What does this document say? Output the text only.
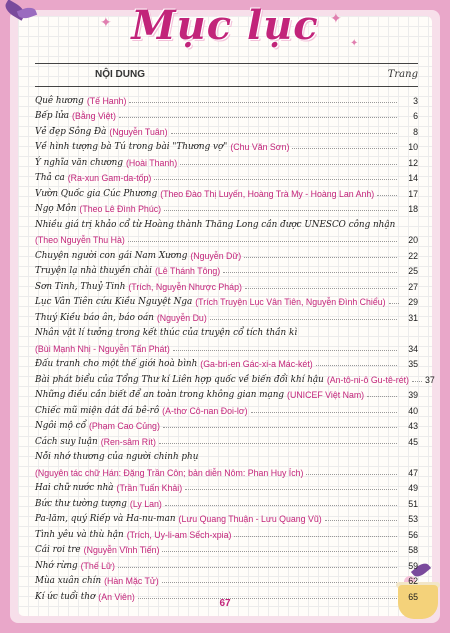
✦	✦
✦
Mục lục
NỘI DUNG	Trang
Quê hương (Tế Hanh)	3
Bếp lửa (Bằng Việt)	6
Vẻ đẹp Sông Đà (Nguyễn Tuân)	8
Về hình tượng bà Tú trong bài "Thương vợ" (Chu Văn Sơn)	10
Ý nghĩa văn chương (Hoài Thanh)	12
Thả ca (Ra-xun Gam-da-tốp)	14
Vườn Quốc gia Cúc Phương (Theo Đào Thị Luyến, Hoàng Trà My - Hoàng Lan Anh)	17
Ngọ Môn (Theo Lê Đình Phúc)	18
Nhiều giá trị khảo cổ từ Hoàng thành Thăng Long cần được UNESCO công nhận
(Theo Nguyễn Thu Hà)	20
Chuyện người con gái Nam Xương (Nguyễn Dữ)	22
Truyện lạ nhà thuyền chài (Lê Thánh Tông)	25
Sơn Tinh, Thuỷ Tinh (Trích, Nguyễn Nhược Pháp)	27
Lục Vân Tiên cứu Kiều Nguyệt Nga (Trích Truyện Lục Vân Tiên, Nguyễn Đình Chiểu)	29
Thuý Kiều báo ân, báo oán (Nguyễn Du)	31
Nhân vật lí tưởng trong kết thúc của truyện cổ tích thần kì
(Bùi Mạnh Nhị - Nguyễn Tấn Phát)	34
Đấu tranh cho một thế giới hoà bình (Ga-bri-en Gác-xi-a Mác-két)	35
Bài phát biểu của Tổng Thư kí Liên hợp quốc về biến đổi khí hậu (An-tô-ni-ô Gu-tê-rét) 37
Những điều cần biết để an toàn trong không gian mạng (UNICEF Việt Nam)	39
Chiếc mũ miện dát đá bê-rô (A-thơ Cô-nan Đoi-lơ)	40
Ngôi mộ cổ (Phạm Cao Củng)	43
Cách suy luận (Ren-sâm Rít)	45
Nỗi nhớ thương của người chinh phụ
(Nguyên tác chữ Hán: Đặng Trần Côn; bản diễn Nôm: Phan Huy Ích)	47
Hai chữ nước nhà (Trần Tuấn Khải)	49
Bức thư tường tượng (Ly Lan)	51
Pa-lăm, quý Riếp và Ha-nu-man (Lưu Quang Thuận - Lưu Quang Vũ)	53
Tình yêu và thù hận (Trích, Uy-li-am Sếch-xpia)	56
Cái roi tre (Nguyễn Vĩnh Tiến)	58
Nhớ rừng (Thế Lữ)	59
Mùa xuân chín (Hàn Mặc Tử)	62
Kí ức tuổi thơ (An Viên)	65
67
